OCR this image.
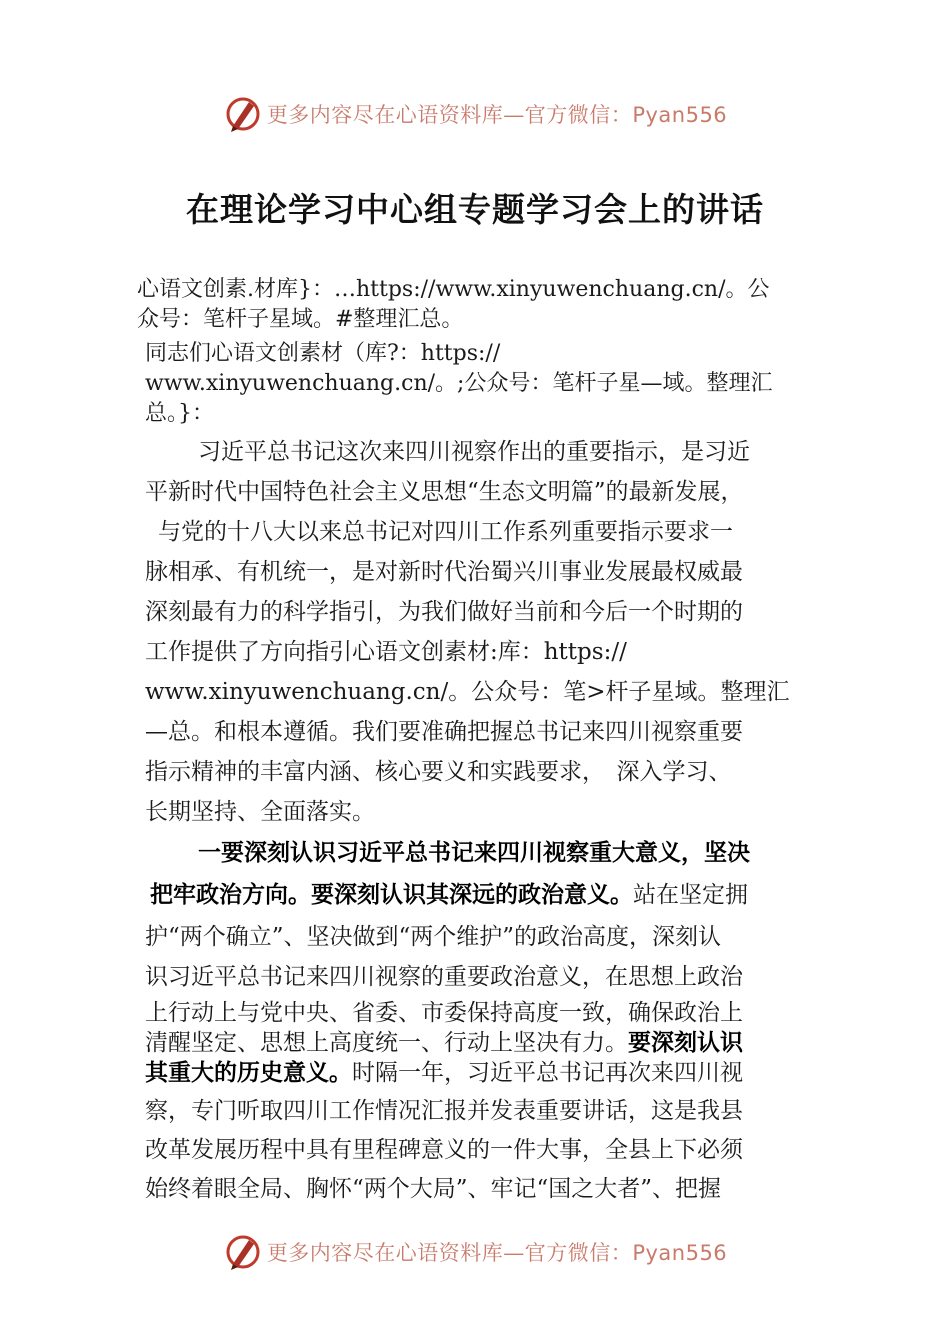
更多内容尽在心语资料库—官方微信：Pyan556
在理论学习中心组专题学习会上的讲话

心语文创素.材库}：…https://www.xinyuwenchuang.cn/。公

众号：笔杆子星域。#整理汇总。

同志们心语文创素材（库?：https://

www.xinyuwenchuang.cn/。;公众号：笔杆子星—域。整理汇

总。}：

习近平总书记这次来四川视察作出的重要指示，是习近

平新时代中国特色社会主义思想“生态文明篇”的最新发展，

与党的十八大以来总书记对四川工作系列重要指示要求一

脉相承、有机统一，是对新时代治蜀兴川事业发展最权威最

深刻最有力的科学指引，为我们做好当前和今后一个时期的

工作提供了方向指引心语文创素材:库：https://

www.xinyuwenchuang.cn/。公众号：笔>杆子星域。整理汇

—总。和根本遵循。我们要准确把握总书记来四川视察重要

指示精神的丰富内涵、核心要义和实践要求，　深入学习、

长期坚持、全面落实。

一要深刻认识习近平总书记来四川视察重大意义，坚决

把牢政治方向。要深刻认识其深远的政治意义。站在坚定拥

护“两个确立”、坚决做到“两个维护”的政治高度，深刻认

识习近平总书记来四川视察的重要政治意义，在思想上政治

上行动上与党中央、省委、市委保持高度一致，确保政治上

清醒坚定、思想上高度统一、行动上坚决有力。要深刻认识

其重大的历史意义。时隔一年，习近平总书记再次来四川视

察，专门听取四川工作情况汇报并发表重要讲话，这是我县

改革发展历程中具有里程碑意义的一件大事，全县上下必须

始终着眼全局、胸怀“两个大局”、牢记“国之大者”、把握

更多内容尽在心语资料库—官方微信：Pyan556
